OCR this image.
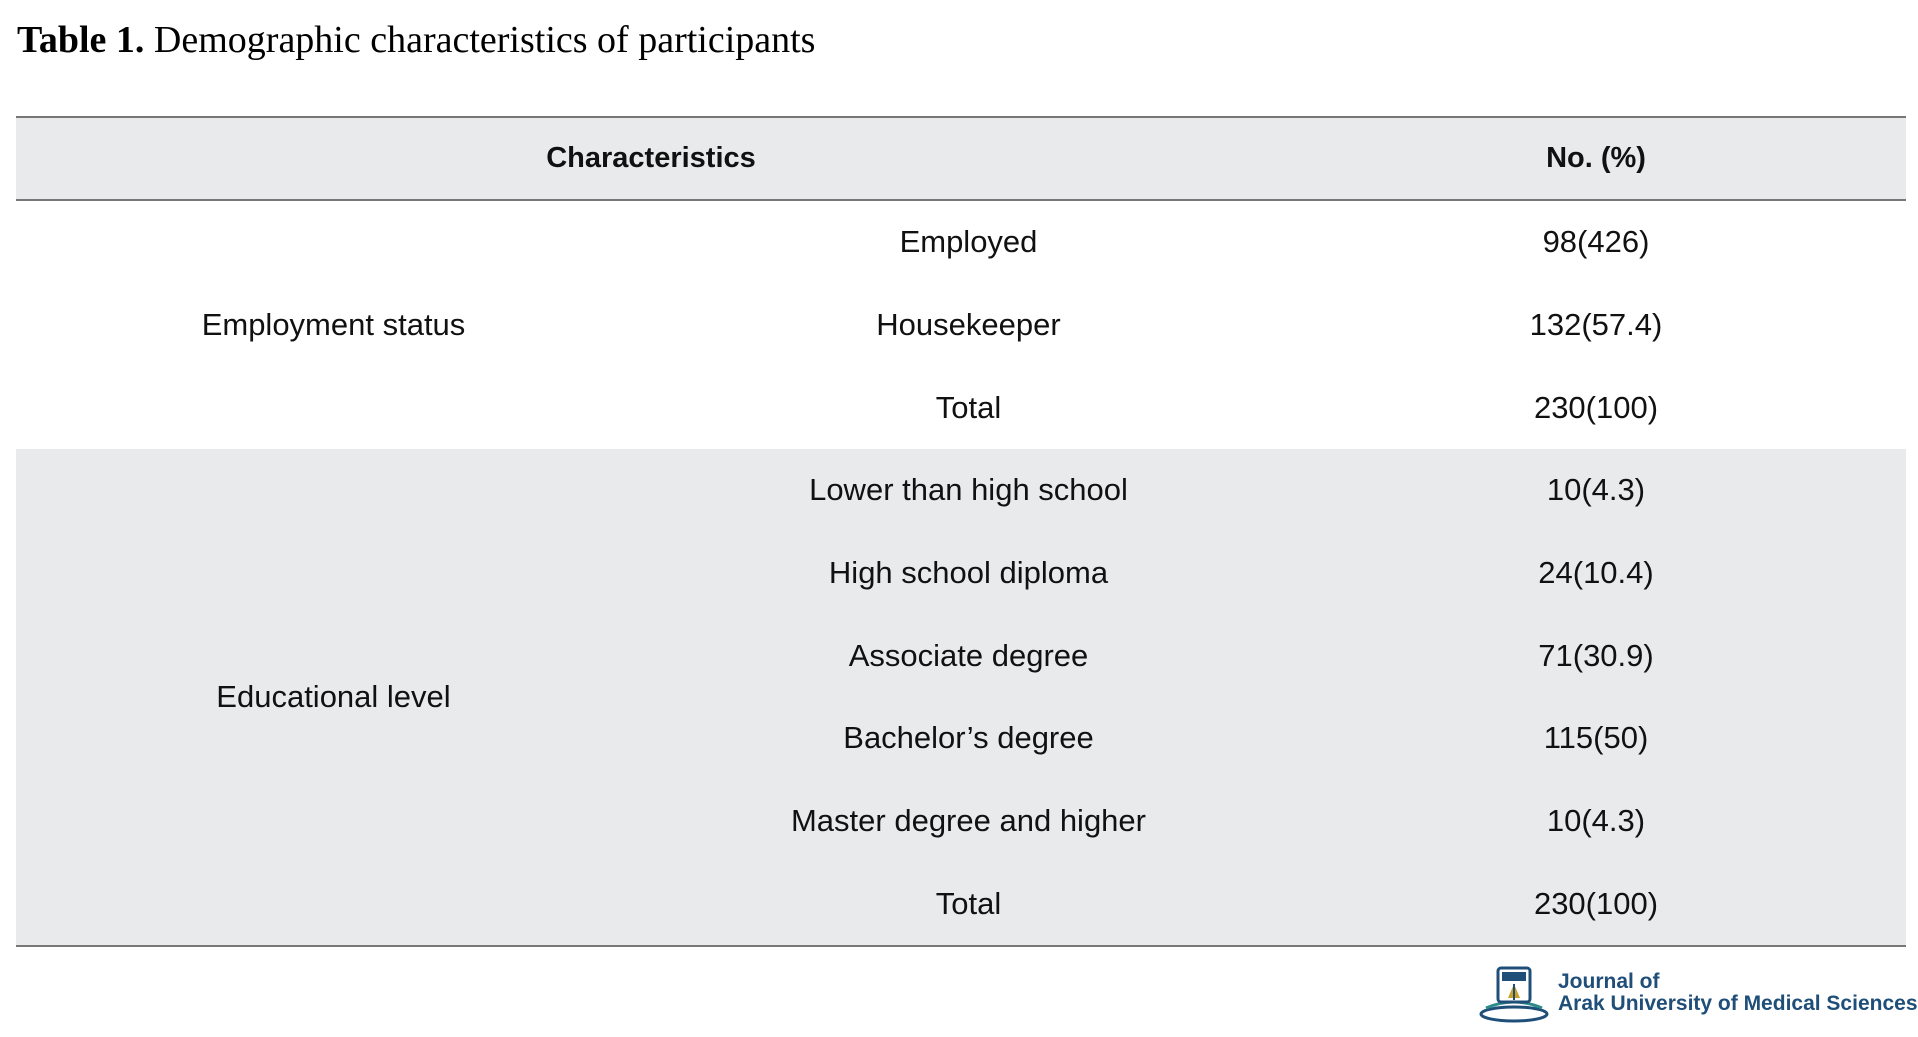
Table 1. Demographic characteristics of participants
Characteristics	No. (%)
Employment status
Employed	98(426)
Housekeeper	132(57.4)
Total	230(100)
Educational level
Lower than high school	10(4.3)
High school diploma	24(10.4)
Associate degree	71(30.9)
Bachelor’s degree	115(50)
Master degree and higher	10(4.3)
Total	230(100)
Journal of
Arak University of Medical Sciences
